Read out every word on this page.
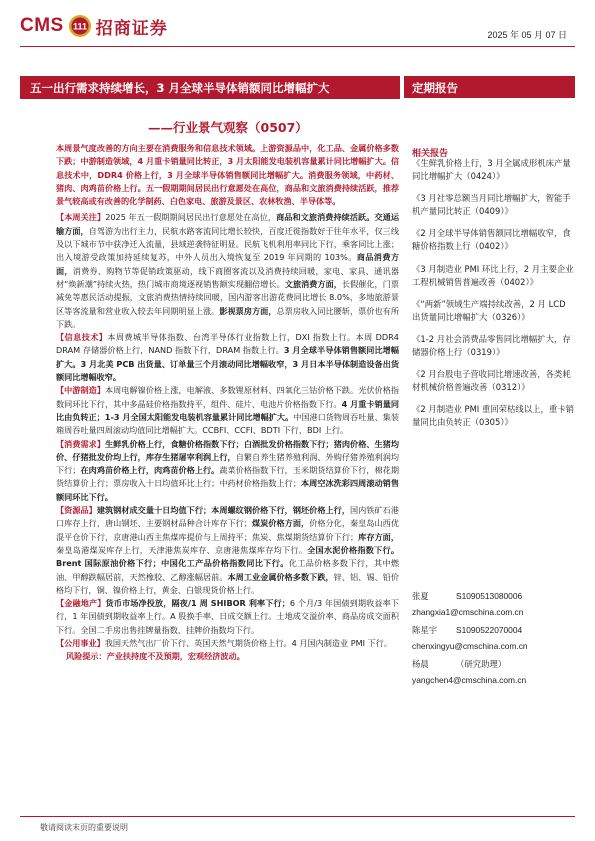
CMS 111 招商证券	2025 年 05 月 07 日
五一出行需求持续增长，3 月全球半导体销额同比增幅扩大
——行业景气观察（0507）
定期报告

本周景气度改善的方向主要在消费服务和信息技术领域。上游资源品中，化工品、金属价格多数下跌；中游制造领域，4 月重卡销量同比转正，3 月太阳能发电装机容量累计同比增幅扩大。信息技术中，DDR4 价格上行，3 月全球半导体销售额同比增幅扩大。消费服务领域，中药材、猪肉、肉鸡苗价格上行。五一假期期间居民出行意愿处在高位，商品和文旅消费持续活跃，推荐景气较高或有改善的化学制药、白色家电、旅游及景区、农林牧渔、半导体等。

【本周关注】2025 年五一假期期间居民出行意愿处在高位，商品和文旅消费持续活跃。交通运输方面，自驾游为出行主力，民航水路客流同比增长较快，百度迁徙指数好于往年水平，仅三线及以下城市节中获净迁入流量，县域逆袭特征明显。民航飞机利用率同比下行，乘客同比上涨；出入境游受政策加持延续复苏，中外人员出入境恢复至 2019 年同期的 103%。商品消费方面，消费券、购物节等促销政策驱动，线下商圈客流以及消费持续回暖，家电、家具、通讯器材“焕新潮”持续火热，热门城市商境逐视销售额实现翻倍增长。文旅消费方面，长假催化，门票减免等惠民活动提振，文旅消费热情持续回暖，国内游客出游花费同比增长 8.0%，多地旅游景区等客流量和营业收入较去年同期明显上涨。影视票房方面，总票房收入同比腰斩，票价也有所下跌。

【信息技术】本周费城半导体指数、台湾半导体行业指数上行，DXI 指数上行。本周 DDR4 DRAM 存储器价格上行，NAND 指数下行，DRAM 指数上行。3 月全球半导体销售额同比增幅扩大。3 月北美 PCB 出货量、订单量三个月滚动同比增幅收窄，3 月日本半导体制造设备出货额同比增幅收窄。

【中游制造】本周电解镍价格上涨，电解液、多数锂原材料、四氧化三钴价格下跌。光伏价格指数同环比下行，其中多晶硅价格指数持平，组件、硅片、电池片价格指数下行。4 月重卡销量同比由负转正；1-3 月全国太阳能发电装机容量累计同比增幅扩大。中国港口货物周吞吐量、集装箱周吞吐量四周滚动均值同比增幅扩大。CCBFI、CCFI、BDTI 下行，BDI 上行。

【消费需求】生鲜乳价格上行，食糖价格指数下行；白酒批发价格指数下行；猪肉价格、生猪均价、仔猪批发价均上行，库存生猪屠宰利润上行，自繁自养生猪养殖利润、外购仔猪养殖利润均下行；在肉鸡苗价格上行，肉鸡苗价格上行。蔬菜价格指数下行，玉米期货结算价下行，棉花期货结算价上行；票房收入十日均值环比上行；中药材价格指数上行；本周空冰洗彩四周滚动销售额同环比下行。

【资源品】建筑钢材成交量十日均值下行；本周螺纹钢价格下行，钢坯价格上行，国内铁矿石港口库存上行，唐山钢坯、主要钢材品种合计库存下行；煤炭价格方面，价格分化，秦皇岛山西优混平仓价下行，京唐港山西主焦煤库提价与上周持平；焦炭、焦煤期货结算价下行；库存方面，秦皇岛港煤炭库存上行，天津港焦炭库存、京唐港焦煤库存均下行。全国水泥价格指数下行。Brent 国际原油价格下行；中国化工产品价格指数同比下行。化工品价格多数下行，其中燃油、甲醇跌幅居前，天然橡胶、乙醇涨幅居前。本周工业金属价格多数下跌，锌、铝、锡、铅价格均下行，铜、镍价格上行，黄金、白银现货价格上行。

【金融地产】货币市场净投放，隔夜/1 周 SHIBOR 利率下行；6 个月/3 年国债到期收益率下行，1 年国债到期收益率上行。A 股换手率、日成交额上行。土地成交溢价率、商品房成交面积下行。全国二手房出售挂牌量指数、挂牌价指数均下行。

【公用事业】我国天然气出厂价下行、英国天然气期货价格上行。4 月国内制造业 PMI 下行。

风险提示：产业扶持度不及预期，宏观经济波动。

相关报告
《生鲜乳价格上行，3 月全属成形机床产量同比增幅扩大（0424）》
《3 月社零总额当月同比增幅扩大，智能手机产量同比转正（0409）》
《2 月全球半导体销售额同比增幅收窄，食糖价格指数上行（0402）》
《3 月制造业 PMI 环比上行，2 月主要企业工程机械销售普遍改善（0402）》
《“两新”领域生产端持续改善，2 月 LCD 出货量同比增幅扩大（0326）》
《1-2 月社会消费品零售同比增幅扩大，存储器价格上行（0319）》
《2 月台股电子营收同比增速改善，各类耗材机械价格普遍改善（0312）》
《2 月制造业 PMI 重回荣枯线以上，重卡销量同比由负转正（0305）》
张夏	S1090513080006
zhangxia1@cmschina.com.cn
陈星宇 S1090522070004
chenxingyu@cmschina.com.cn
杨晨	（研究助理）
yangchen4@cmschina.com.cn
敬请阅读末页的重要说明
